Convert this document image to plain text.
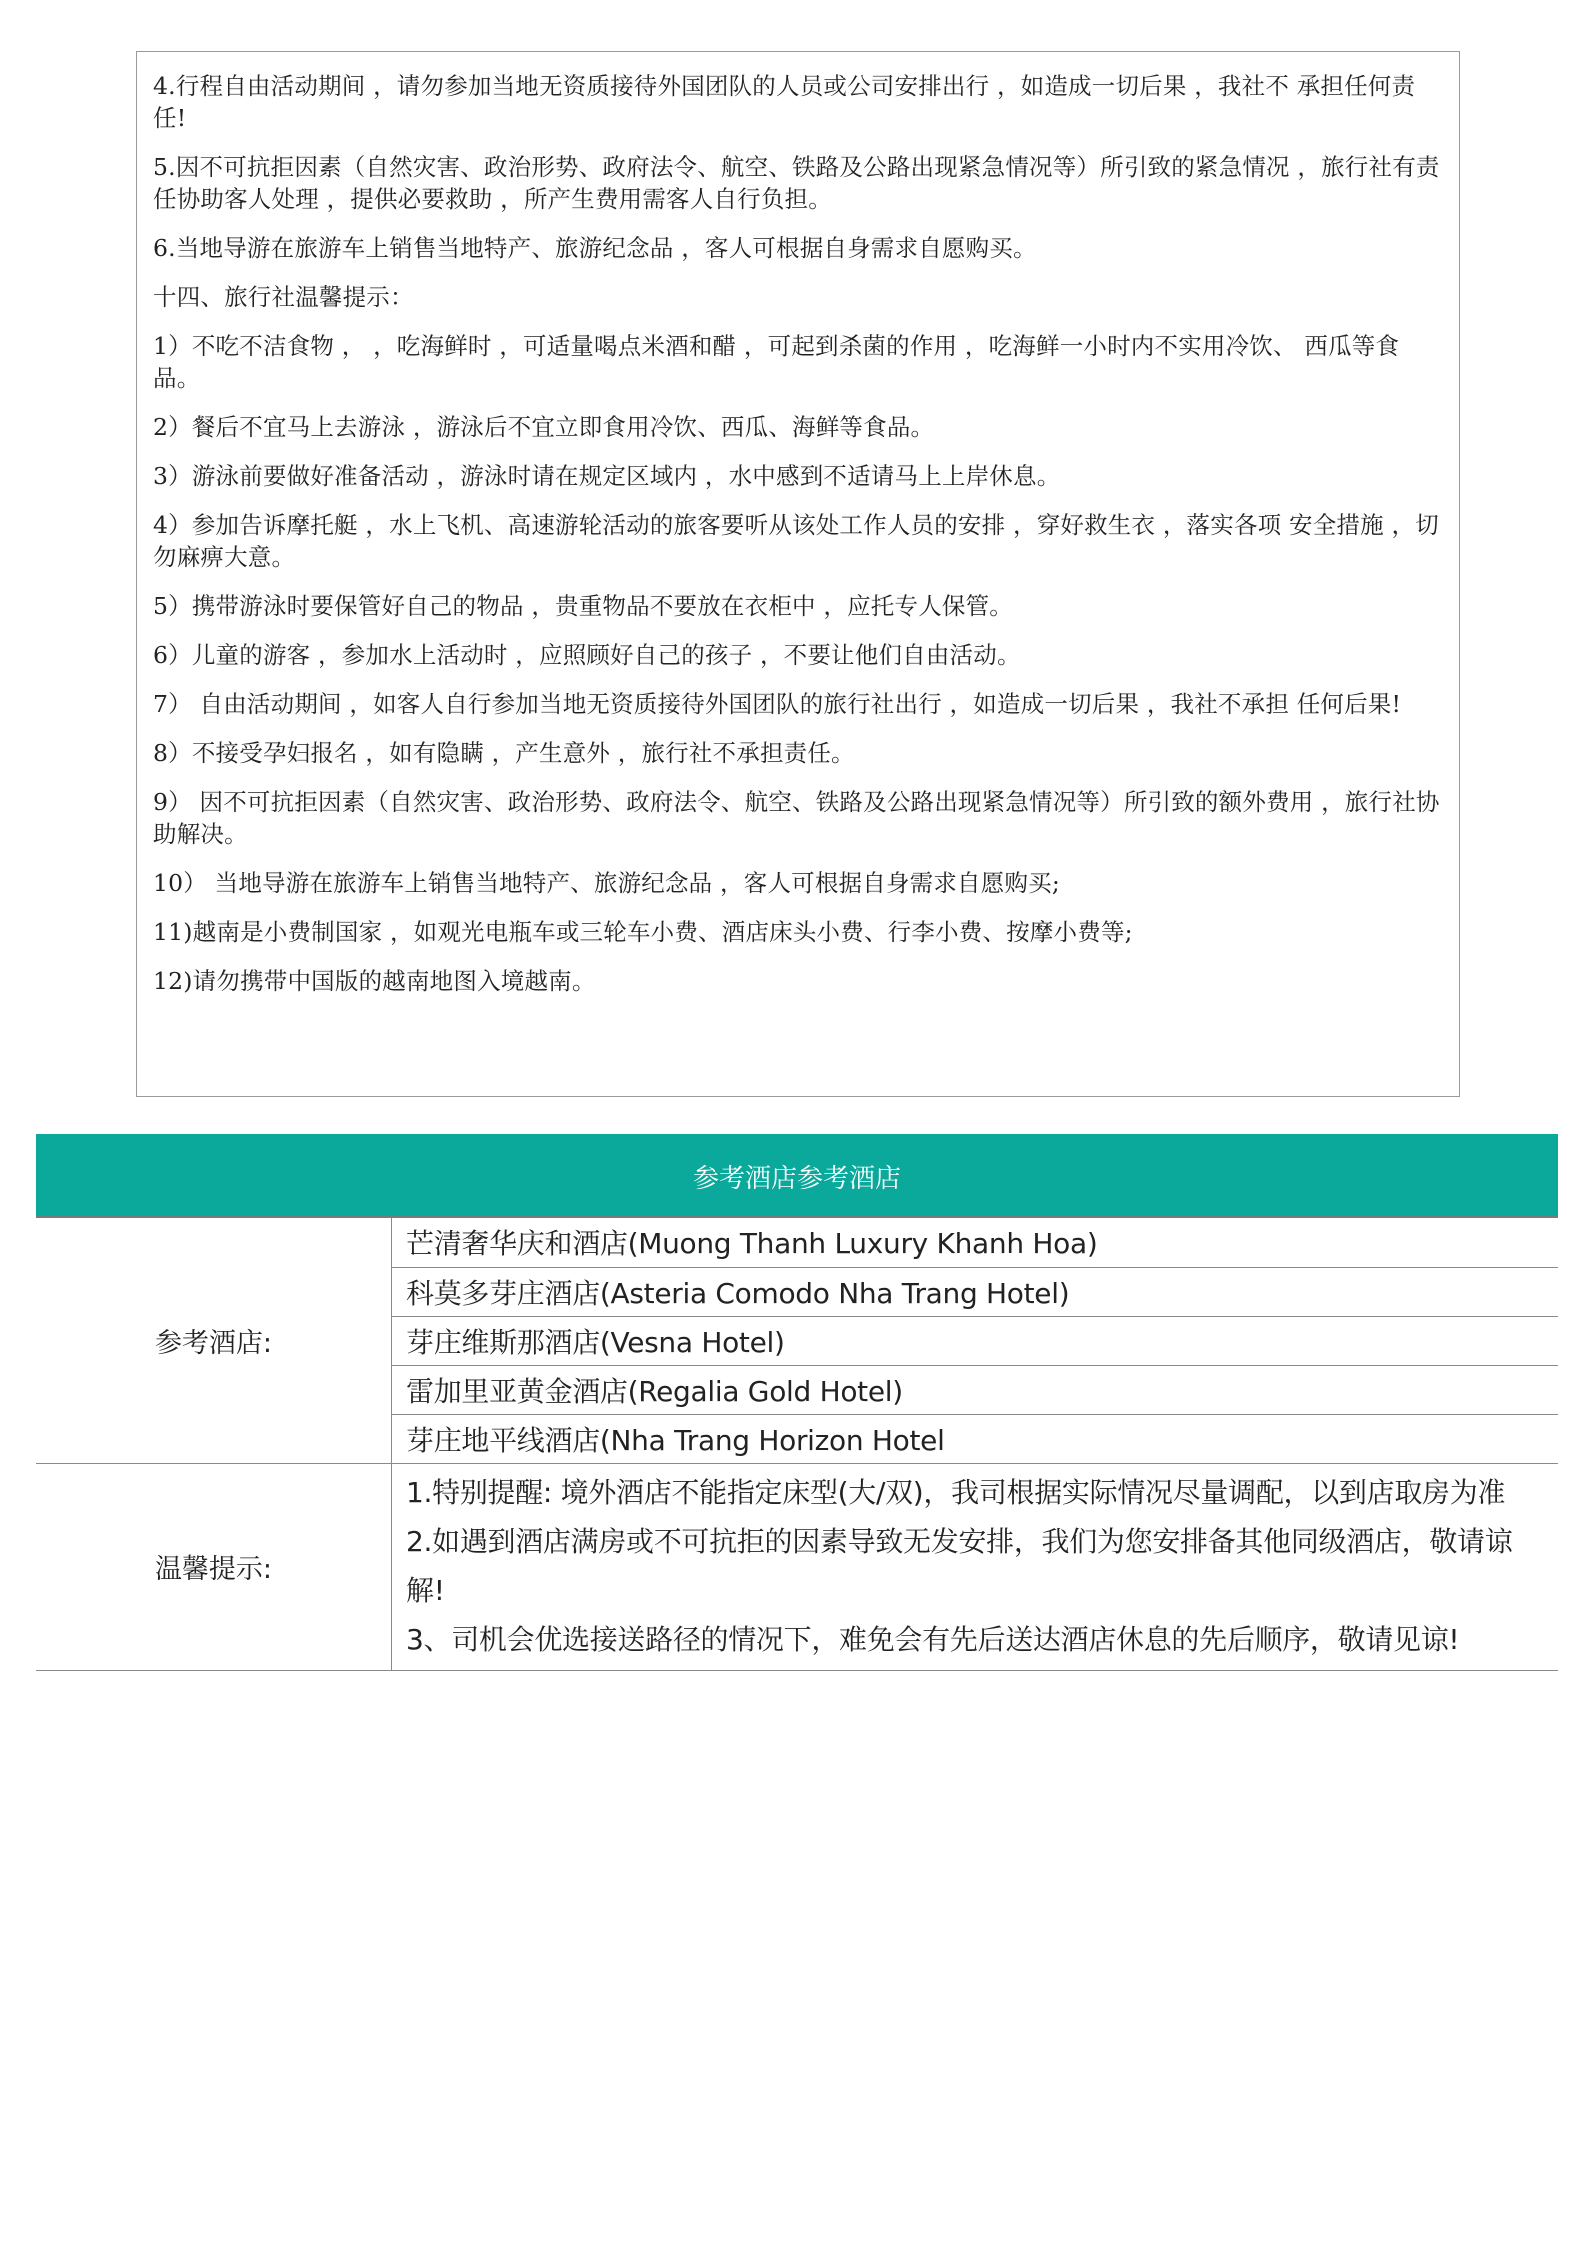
4.行程自由活动期间 ，请勿参加当地无资质接待外国团队的人员或公司安排出行 ，如造成一切后果 ，我社不 承担任何责任!

5.因不可抗拒因素（自然灾害、政治形势、政府法令、航空、铁路及公路出现紧急情况等）所引致的紧急情况 ，旅行社有责任协助客人处理 ，提供必要救助 ，所产生费用需客人自行负担。

6.当地导游在旅游车上销售当地特产、旅游纪念品 ，客人可根据自身需求自愿购买。

十四、旅行社温馨提示：

1）不吃不洁食物 ， ，吃海鲜时 ，可适量喝点米酒和醋 ，可起到杀菌的作用 ，吃海鲜一小时内不实用冷饮、 西瓜等食品。

2）餐后不宜马上去游泳 ，游泳后不宜立即食用冷饮、西瓜、海鲜等食品。

3）游泳前要做好准备活动 ，游泳时请在规定区域内 ，水中感到不适请马上上岸休息。

4）参加告诉摩托艇 ，水上飞机、高速游轮活动的旅客要听从该处工作人员的安排 ，穿好救生衣 ，落实各项 安全措施 ，切勿麻痹大意。

5）携带游泳时要保管好自己的物品 ，贵重物品不要放在衣柜中 ，应托专人保管。

6）儿童的游客 ，参加水上活动时 ，应照顾好自己的孩子 ，不要让他们自由活动。

7） 自由活动期间 ，如客人自行参加当地无资质接待外国团队的旅行社出行 ，如造成一切后果 ，我社不承担 任何后果!

8）不接受孕妇报名 ，如有隐瞒 ，产生意外 ，旅行社不承担责任。

9） 因不可抗拒因素（自然灾害、政治形势、政府法令、航空、铁路及公路出现紧急情况等）所引致的额外费用 ，旅行社协助解决。

10） 当地导游在旅游车上销售当地特产、旅游纪念品 ，客人可根据自身需求自愿购买;

11)越南是小费制国家 ，如观光电瓶车或三轮车小费、酒店床头小费、行李小费、按摩小费等;

12)请勿携带中国版的越南地图入境越南。

参考酒店参考酒店
参考酒店:	芒清奢华庆和酒店(Muong Thanh Luxury Khanh Hoa)
	科莫多芽庄酒店(Asteria Comodo Nha Trang Hotel)
	芽庄维斯那酒店(Vesna Hotel)
	雷加里亚黄金酒店(Regalia Gold Hotel)
	芽庄地平线酒店(Nha Trang Horizon Hotel
温馨提示:	1.特别提醒: 境外酒店不能指定床型(大/双)，我司根据实际情况尽量调配，以到店取房为准
2.如遇到酒店满房或不可抗拒的因素导致无发安排，我们为您安排备其他同级酒店，敬请谅解!
3、司机会优选接送路径的情况下，难免会有先后送达酒店休息的先后顺序，敬请见谅!
